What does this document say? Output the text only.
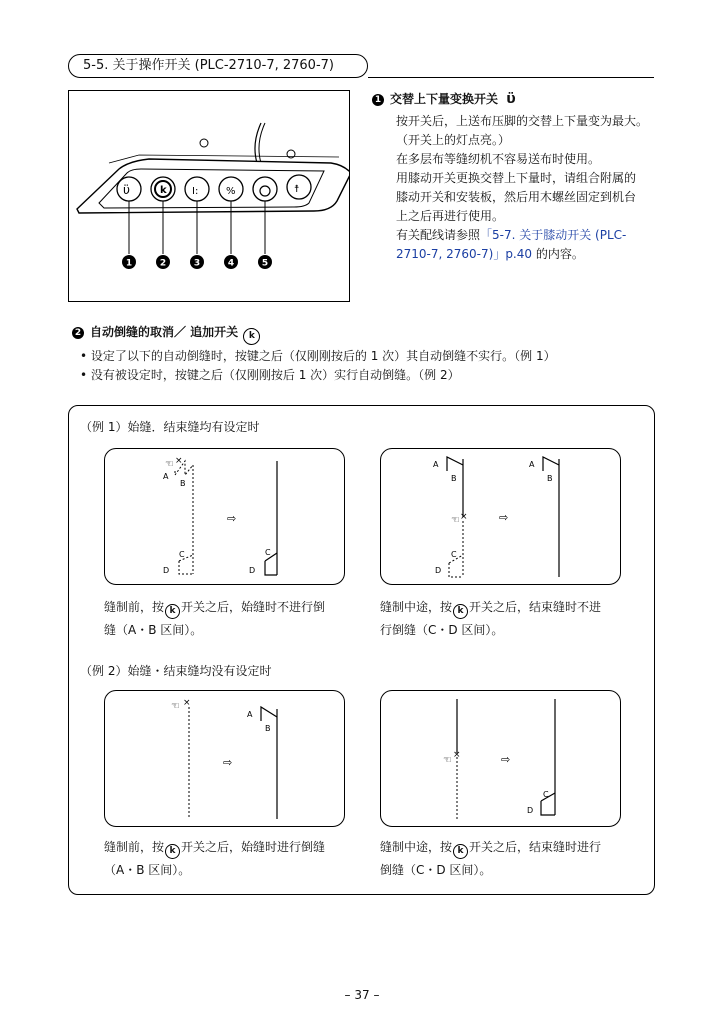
5-5. 关于操作开关 (PLC-2710-7, 2760-7)
k
ϋ	I:	%	☨
1	2	3	4	5
1 交替上下量变换开关 ϋ
按开关后，上送布压脚的交替上下量变为最大。
（开关上的灯点亮。）
在多层布等缝纫机不容易送布时使用。
用膝动开关更换交替上下量时，请组合附属的
膝动开关和安装板，然后用木螺丝固定到机台
上之后再进行使用。
有关配线请参照「5-7. 关于膝动开关 (PLC-
2710-7, 2760-7)」p.40 的内容。
2 自动倒缝的取消／ 追加开关 k
• 设定了以下的自动倒缝时，按键之后（仅刚刚按后的 1 次）其自动倒缝不实行。（例 1）
• 没有被设定时，按键之后（仅刚刚按后 1 次）实行自动倒缝。（例 2）
（例 1）始缝．结束缝均有设定时
☜ ×
A
B
C
D
⇨
C
D
A
B
☜ ×
C
D
⇨
A
B
缝制前，按 k 开关之后，始缝时不进行倒
缝（A・B 区间）。
缝制中途，按 k 开关之后，结束缝时不进
行倒缝（C・D 区间）。
（例 2）始缝・结束缝均没有设定时
☜ ×
⇨
A
B
☜ ×	⇨
C
D
缝制前，按 k 开关之后，始缝时进行倒缝
（A・B 区间）。
缝制中途，按 k 开关之后，结束缝时进行
倒缝（C・D 区间）。
– 37 –
